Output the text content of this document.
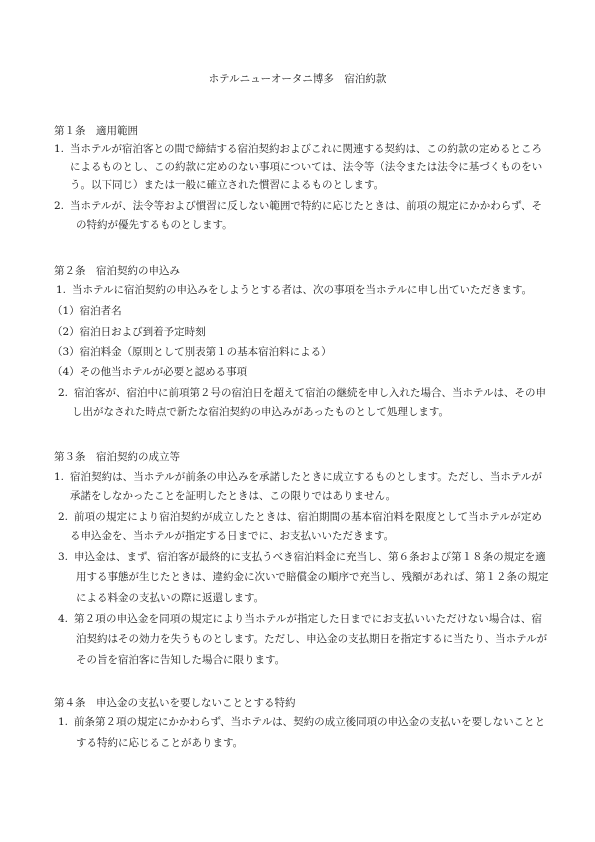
ホテルニューオータニ博多　宿泊約款
第１条　適用範囲
1. 当ホテルが宿泊客との間で締結する宿泊契約およびこれに関連する契約は、この約款の定めるところ
によるものとし、この約款に定めのない事項については、法令等（法令または法令に基づくものをい
う。以下同じ）または一般に確立された慣習によるものとします。
2. 当ホテルが、法令等および慣習に反しない範囲で特約に応じたときは、前項の規定にかかわらず、そ
の特約が優先するものとします。
第２条　宿泊契約の申込み
1. 当ホテルに宿泊契約の申込みをしようとする者は、次の事項を当ホテルに申し出ていただきます。
（1）宿泊者名
（2）宿泊日および到着予定時刻
（3）宿泊料金（原則として別表第１の基本宿泊料による）
（4）その他当ホテルが必要と認める事項
2. 宿泊客が、宿泊中に前項第２号の宿泊日を超えて宿泊の継続を申し入れた場合、当ホテルは、その申
し出がなされた時点で新たな宿泊契約の申込みがあったものとして処理します。
第３条　宿泊契約の成立等
1. 宿泊契約は、当ホテルが前条の申込みを承諾したときに成立するものとします。ただし、当ホテルが
承諾をしなかったことを証明したときは、この限りではありません。
2. 前項の規定により宿泊契約が成立したときは、宿泊期間の基本宿泊料を限度として当ホテルが定め
る申込金を、当ホテルが指定する日までに、お支払いいただきます。
3. 申込金は、まず、宿泊客が最終的に支払うべき宿泊料金に充当し、第６条および第１８条の規定を適
用する事態が生じたときは、違約金に次いで賠償金の順序で充当し、残額があれば、第１２条の規定
による料金の支払いの際に返還します。
4. 第２項の申込金を同項の規定により当ホテルが指定した日までにお支払いいただけない場合は、宿
泊契約はその効力を失うものとします。ただし、申込金の支払期日を指定するに当たり、当ホテルが
その旨を宿泊客に告知した場合に限ります。
第４条　申込金の支払いを要しないこととする特約
1. 前条第２項の規定にかかわらず、当ホテルは、契約の成立後同項の申込金の支払いを要しないことと
する特約に応じることがあります。
